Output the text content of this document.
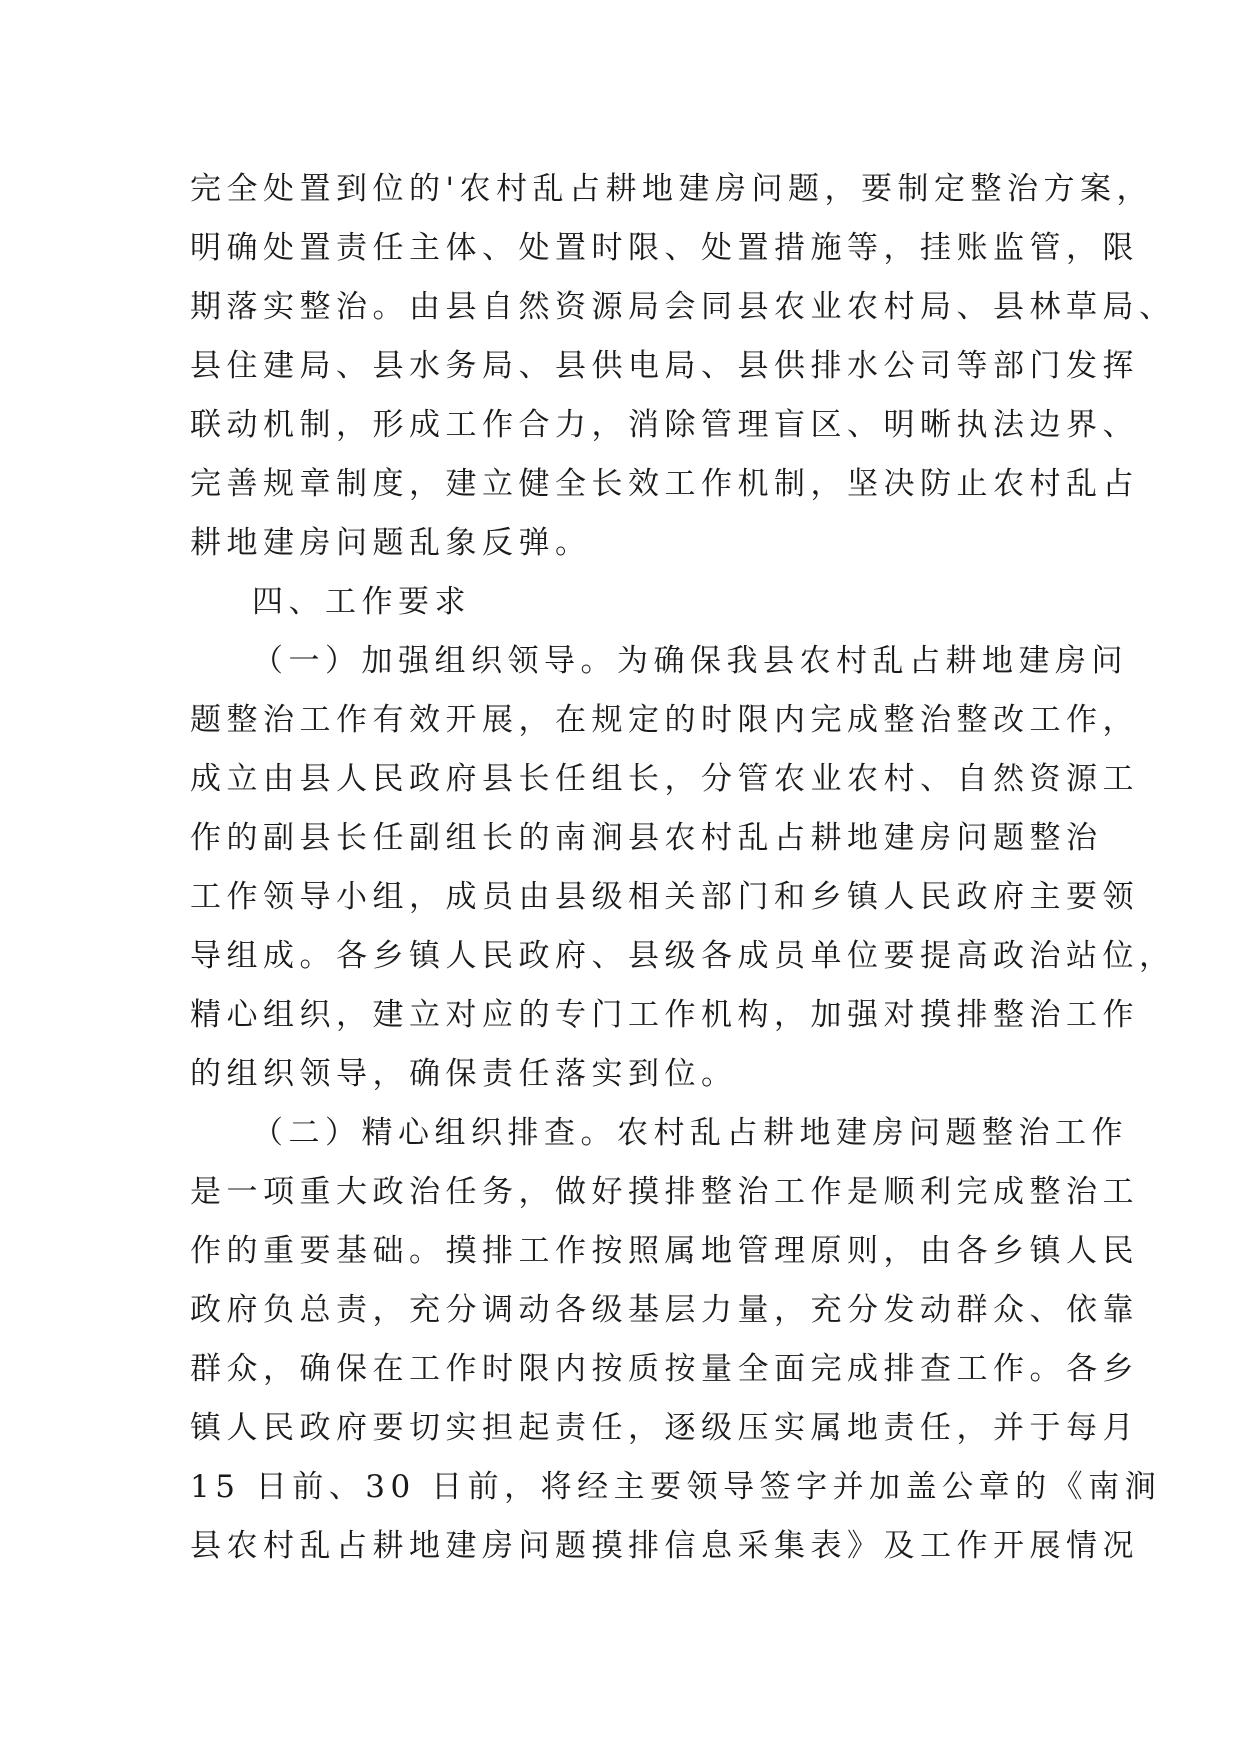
完全处置到位的'农村乱占耕地建房问题，要制定整治方案，
明确处置责任主体、处置时限、处置措施等，挂账监管，限
期落实整治。由县自然资源局会同县农业农村局、县林草局、
县住建局、县水务局、县供电局、县供排水公司等部门发挥
联动机制，形成工作合力，消除管理盲区、明晰执法边界、
完善规章制度，建立健全长效工作机制，坚决防止农村乱占
耕地建房问题乱象反弹。
四、工作要求
（一）加强组织领导。为确保我县农村乱占耕地建房问
题整治工作有效开展，在规定的时限内完成整治整改工作，
成立由县人民政府县长任组长，分管农业农村、自然资源工
作的副县长任副组长的南涧县农村乱占耕地建房问题整治
工作领导小组，成员由县级相关部门和乡镇人民政府主要领
导组成。各乡镇人民政府、县级各成员单位要提高政治站位，
精心组织，建立对应的专门工作机构，加强对摸排整治工作
的组织领导，确保责任落实到位。
（二）精心组织排查。农村乱占耕地建房问题整治工作
是一项重大政治任务，做好摸排整治工作是顺利完成整治工
作的重要基础。摸排工作按照属地管理原则，由各乡镇人民
政府负总责，充分调动各级基层力量，充分发动群众、依靠
群众，确保在工作时限内按质按量全面完成排查工作。各乡
镇人民政府要切实担起责任，逐级压实属地责任，并于每月
15 日前、30 日前，将经主要领导签字并加盖公章的《南涧
县农村乱占耕地建房问题摸排信息采集表》及工作开展情况
